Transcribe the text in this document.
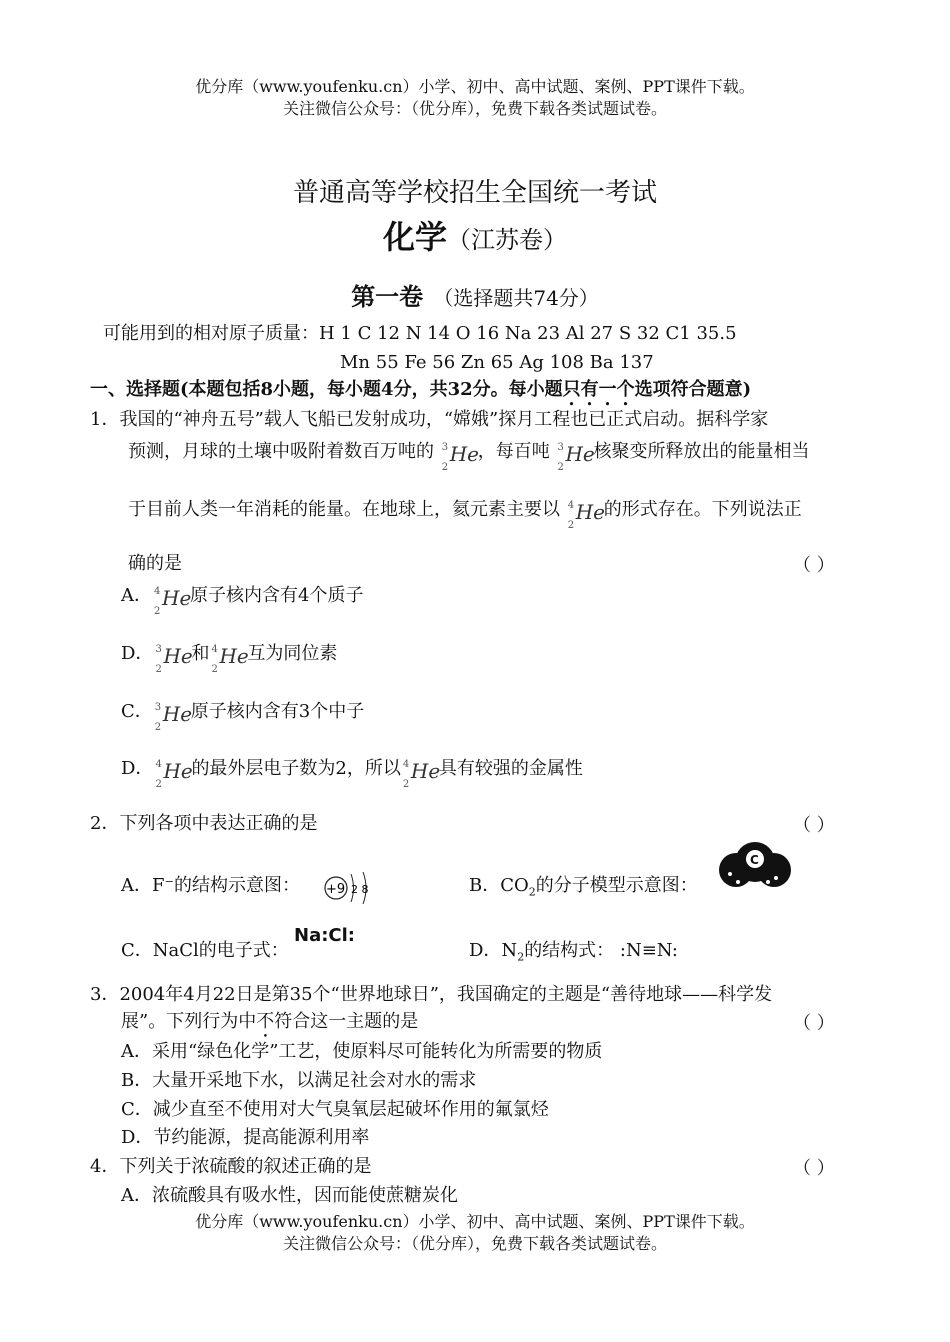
优分库（www.youfenku.cn）小学、初中、高中试题、案例、PPT课件下载。
关注微信公众号：（优分库），免费下载各类试题试卷。
普通高等学校招生全国统一考试
化学（江苏卷）
第一卷 （选择题共74分）
可能用到的相对原子质量：H 1 C 12 N 14 O 16 Na 23 Al 27 S 32 C1 35.5
Mn 55 Fe 56 Zn 65 Ag 108 Ba 137
一、选择题(本题包括8小题，每小题4分，共32分。每小题只有一个选项符合题意)
1．我国的“神舟五号”载人飞船已发射成功，“嫦娥”探月工程也已正式启动。据科学家
预测，月球的土壤中吸附着数百万吨的 3
2
He
，每百吨 3
2
He
核聚变所释放出的能量相当
于目前人类一年消耗的能量。在地球上，氦元素主要以 4
2
He
的形式存在。下列说法正
确的是	（ ）
A． 4
2
He
原子核内含有4个质子
D． 3
2
He
和 4
2
He
互为同位素
C． 3
2
He
原子核内含有3个中子
D． 4
2
He
的最外层电子数为2，所以 4
2
He
具有较强的金属性
2．下列各项中表达正确的是	（ ）
A．F⁻的结构示意图： +9 2 8	B．$CO_2$的分子模型示意图：
C
C．NaCl的电子式：
Na:Cl:
D．$N_2$的结构式： :N≡N:
3．2004年4月22日是第35个“世界地球日”，我国确定的主题是“善待地球——科学发
展”。下列行为中不符合这一主题的是	（ ）
A．采用“绿色化学”工艺，使原料尽可能转化为所需要的物质
B．大量开采地下水，以满足社会对水的需求
C．减少直至不使用对大气臭氧层起破坏作用的氟氯烃
D．节约能源，提高能源利用率
4．下列关于浓硫酸的叙述正确的是	（ ）
A．浓硫酸具有吸水性，因而能使蔗糖炭化
优分库（www.youfenku.cn）小学、初中、高中试题、案例、PPT课件下载。
关注微信公众号：（优分库），免费下载各类试题试卷。
